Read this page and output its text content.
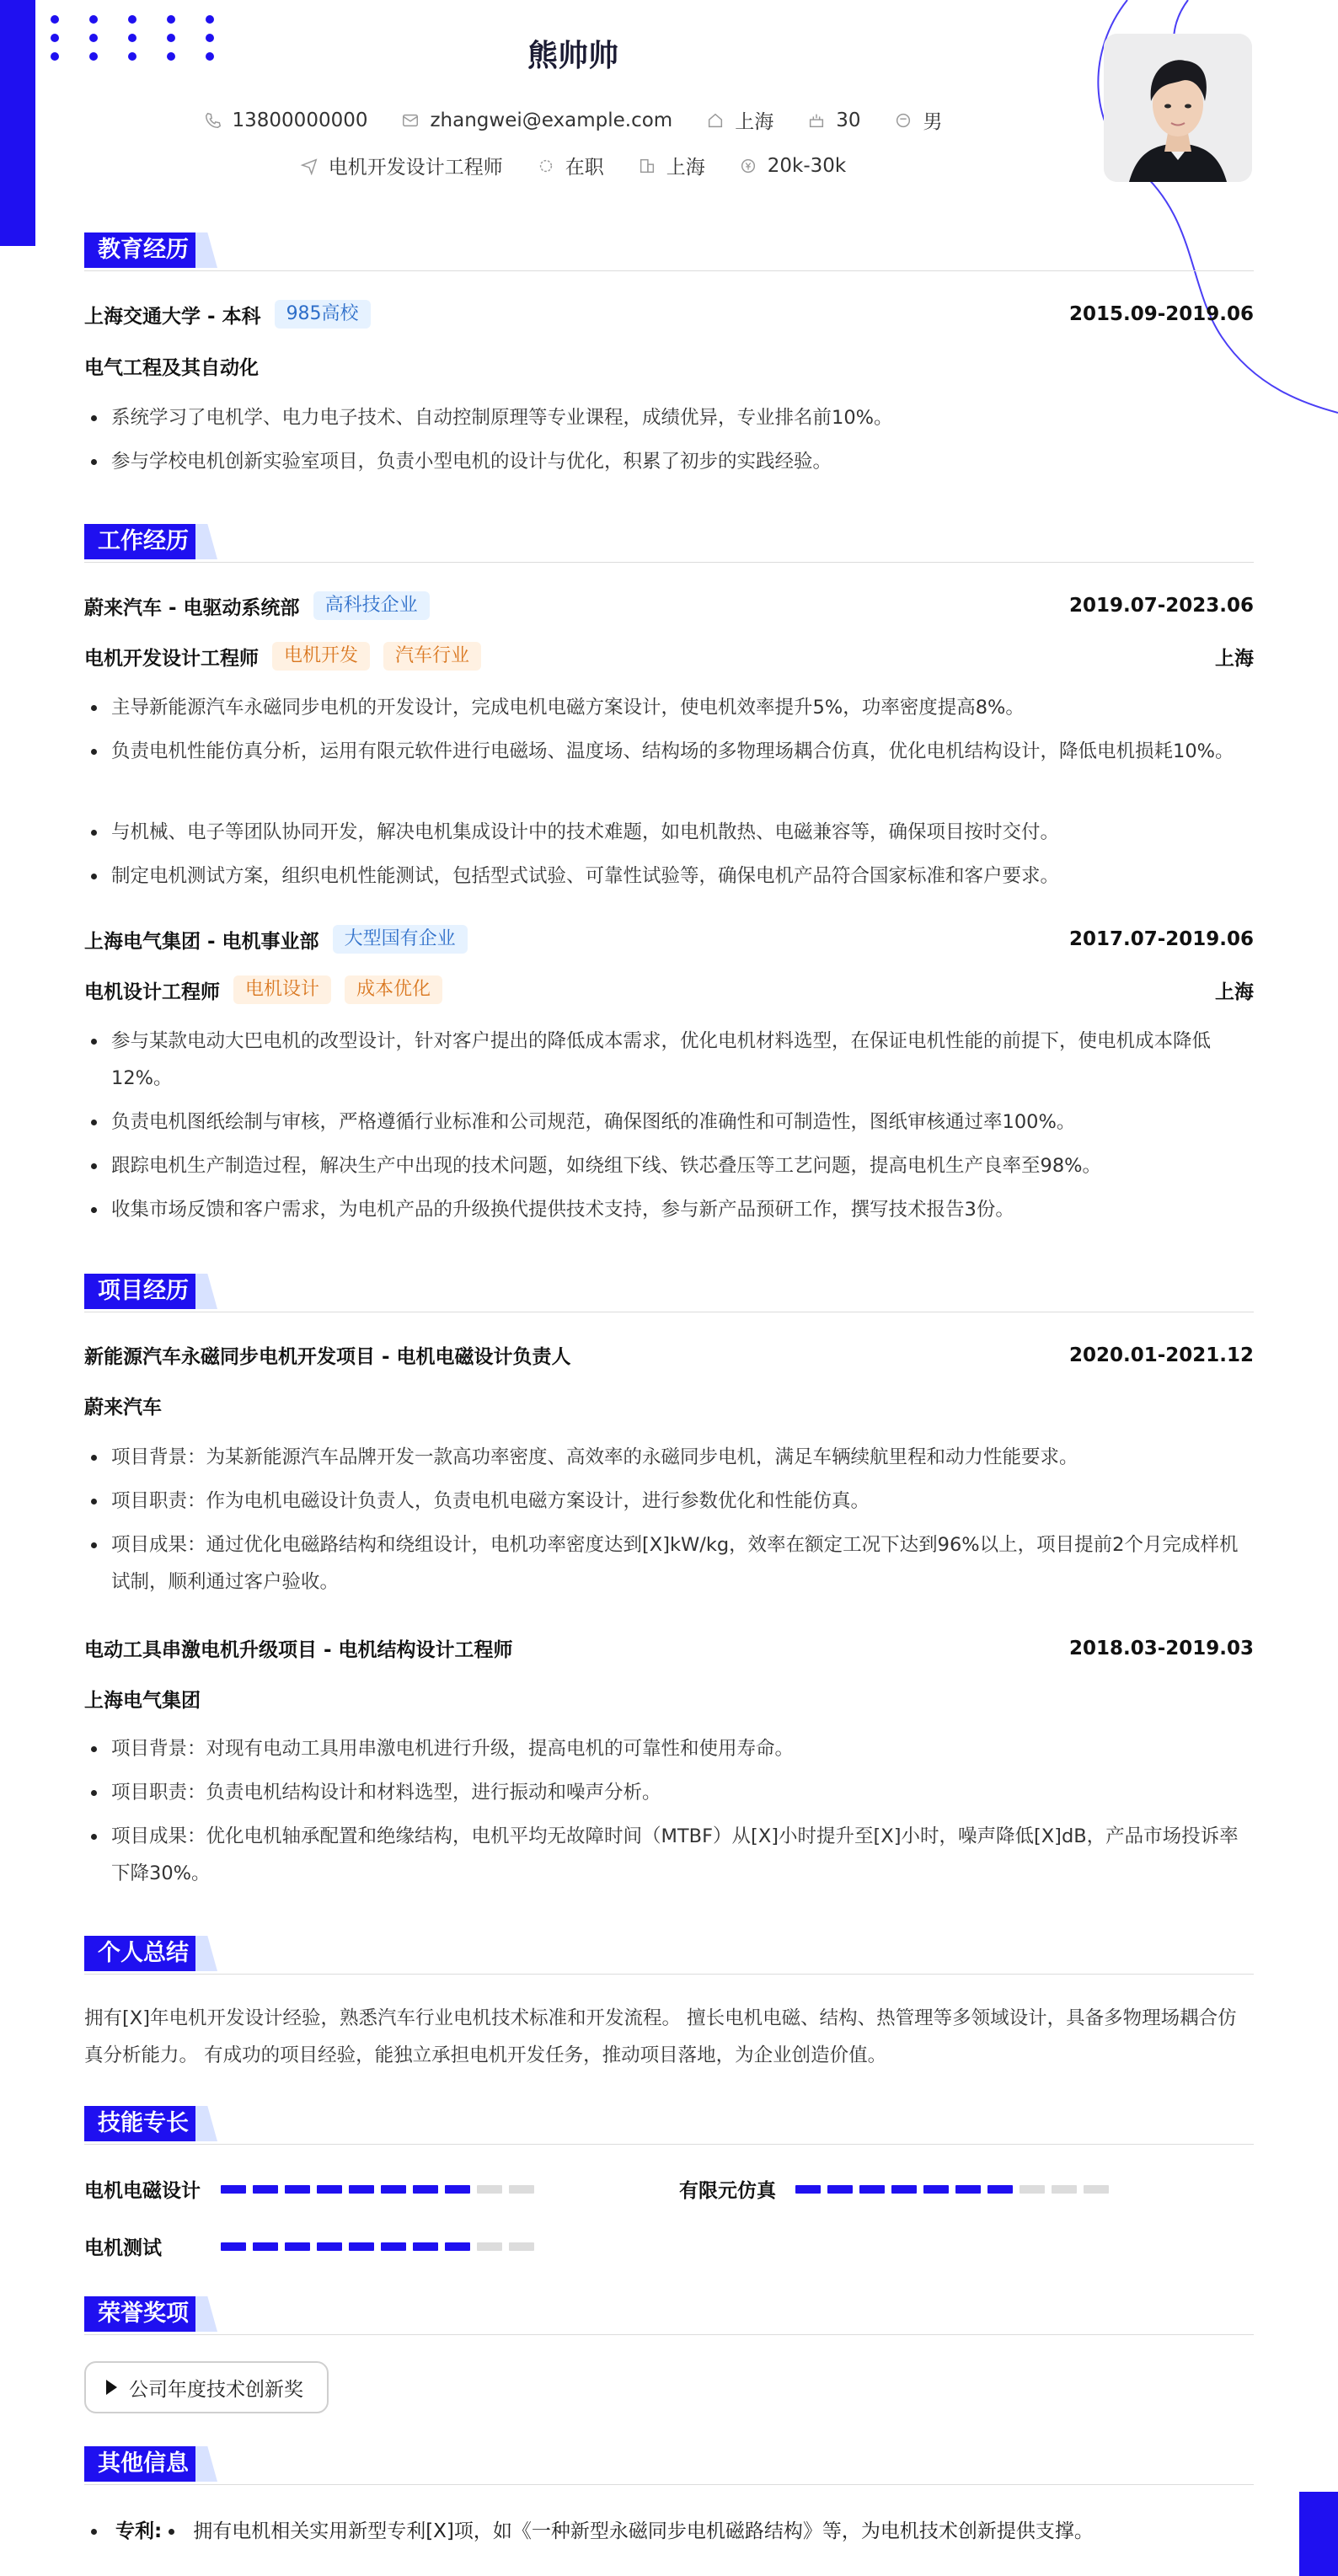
熊帅帅
13800000000	zhangwei@example.com	上海	30	男
电机开发设计工程师	在职	上海	20k-30k
教育经历
上海交通大学 - 本科	985高校	2015.09-2019.06
电气工程及其自动化
系统学习了电机学、电力电子技术、自动控制原理等专业课程，成绩优异，专业排名前10%。
参与学校电机创新实验室项目，负责小型电机的设计与优化，积累了初步的实践经验。
工作经历
蔚来汽车 - 电驱动系统部	高科技企业	2019.07-2023.06
电机开发设计工程师	电机开发	汽车行业	上海
主导新能源汽车永磁同步电机的开发设计，完成电机电磁方案设计，使电机效率提升5%，功率密度提高8%。
负责电机性能仿真分析，运用有限元软件进行电磁场、温度场、结构场的多物理场耦合仿真，优化电机结构设计，降低电机损耗10%。
与机械、电子等团队协同开发，解决电机集成设计中的技术难题，如电机散热、电磁兼容等，确保项目按时交付。
制定电机测试方案，组织电机性能测试，包括型式试验、可靠性试验等，确保电机产品符合国家标准和客户要求。
上海电气集团 - 电机事业部	大型国有企业	2017.07-2019.06
电机设计工程师	电机设计	成本优化	上海
参与某款电动大巴电机的改型设计，针对客户提出的降低成本需求，优化电机材料选型，在保证电机性能的前提下，使电机成本降低12%。
负责电机图纸绘制与审核，严格遵循行业标准和公司规范，确保图纸的准确性和可制造性，图纸审核通过率100%。
跟踪电机生产制造过程，解决生产中出现的技术问题，如绕组下线、铁芯叠压等工艺问题，提高电机生产良率至98%。
收集市场反馈和客户需求，为电机产品的升级换代提供技术支持，参与新产品预研工作，撰写技术报告3份。
项目经历
新能源汽车永磁同步电机开发项目 - 电机电磁设计负责人	2020.01-2021.12
蔚来汽车
项目背景：为某新能源汽车品牌开发一款高功率密度、高效率的永磁同步电机，满足车辆续航里程和动力性能要求。
项目职责：作为电机电磁设计负责人，负责电机电磁方案设计，进行参数优化和性能仿真。
项目成果：通过优化电磁路结构和绕组设计，电机功率密度达到[X]kW/kg，效率在额定工况下达到96%以上，项目提前2个月完成样机试制，顺利通过客户验收。
电动工具串激电机升级项目 - 电机结构设计工程师	2018.03-2019.03
上海电气集团
项目背景：对现有电动工具用串激电机进行升级，提高电机的可靠性和使用寿命。
项目职责：负责电机结构设计和材料选型，进行振动和噪声分析。
项目成果：优化电机轴承配置和绝缘结构，电机平均无故障时间（MTBF）从[X]小时提升至[X]小时，噪声降低[X]dB，产品市场投诉率下降30%。
个人总结
拥有[X]年电机开发设计经验，熟悉汽车行业电机技术标准和开发流程。 擅长电机电磁、结构、热管理等多领域设计，具备多物理场耦合仿真分析能力。 有成功的项目经验，能独立承担电机开发任务，推动项目落地，为企业创造价值。
技能专长
电机电磁设计	有限元仿真
电机测试
荣誉奖项
公司年度技术创新奖
其他信息
专利: 拥有电机相关实用新型专利[X]项，如《一种新型永磁同步电机磁路结构》等，为电机技术创新提供支撑。
